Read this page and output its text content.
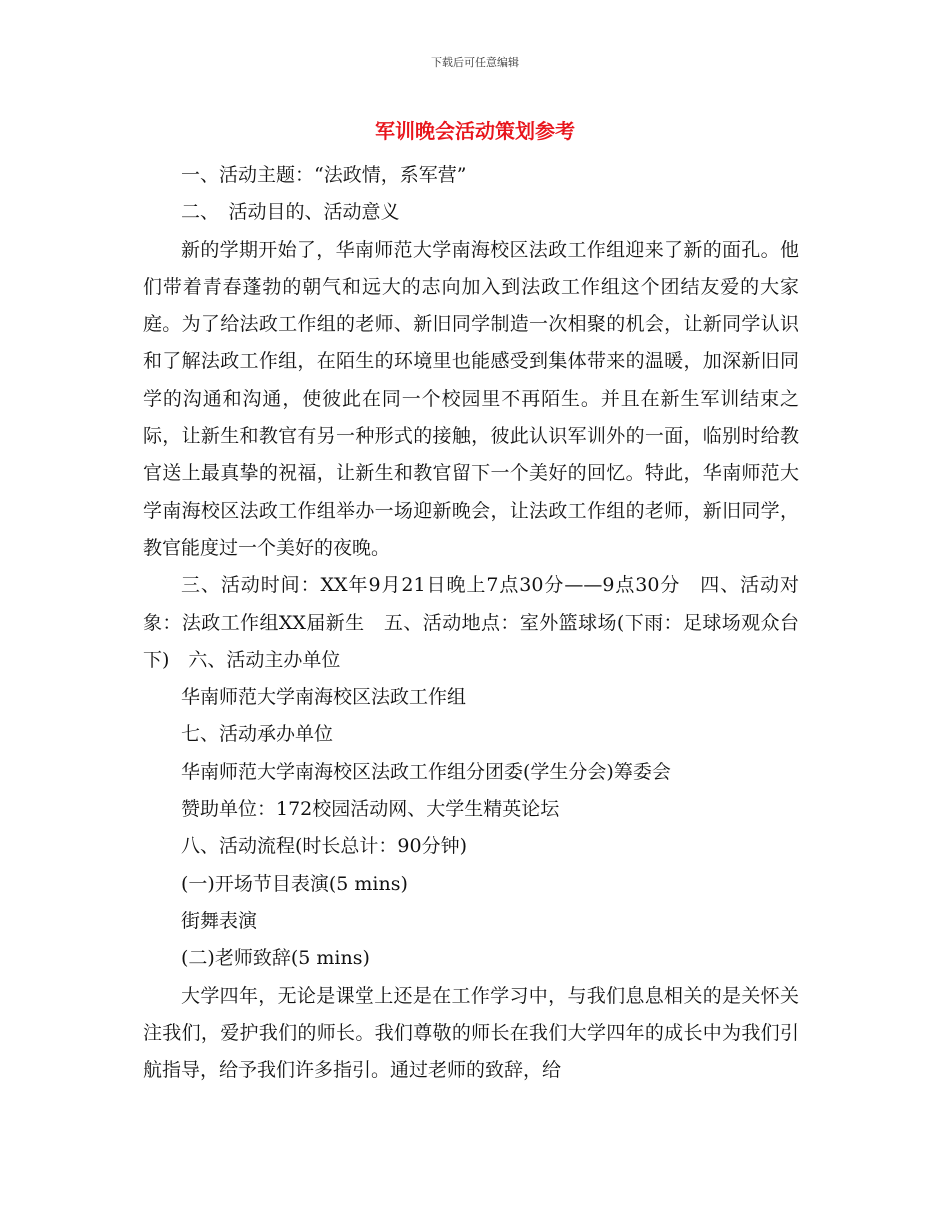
下载后可任意编辑
军训晚会活动策划参考

一、活动主题：“法政情，系军营”

二、　活动目的、活动意义

新的学期开始了，华南师范大学南海校区法政工作组迎来了新的面孔。他们带着青春蓬勃的朝气和远大的志向加入到法政工作组这个团结友爱的大家庭。为了给法政工作组的老师、新旧同学制造一次相聚的机会，让新同学认识和了解法政工作组，在陌生的环境里也能感受到集体带来的温暖，加深新旧同学的沟通和沟通，使彼此在同一个校园里不再陌生。并且在新生军训结束之际，让新生和教官有另一种形式的接触，彼此认识军训外的一面，临别时给教官送上最真挚的祝福，让新生和教官留下一个美好的回忆。特此，华南师范大学南海校区法政工作组举办一场迎新晚会，让法政工作组的老师，新旧同学，教官能度过一个美好的夜晚。

三、活动时间：XX年9月21日晚上7点30分——9点30分　四、活动对象：法政工作组XX届新生　五、活动地点：室外篮球场(下雨：足球场观众台下)　六、活动主办单位

华南师范大学南海校区法政工作组

七、活动承办单位

华南师范大学南海校区法政工作组分团委(学生分会)筹委会

赞助单位：172校园活动网、大学生精英论坛

八、活动流程(时长总计：90分钟)

(一)开场节目表演(5 mins)

街舞表演

(二)老师致辞(5 mins)

大学四年，无论是课堂上还是在工作学习中，与我们息息相关的是关怀关注我们，爱护我们的师长。我们尊敬的师长在我们大学四年的成长中为我们引航指导，给予我们许多指引。通过老师的致辞，给
